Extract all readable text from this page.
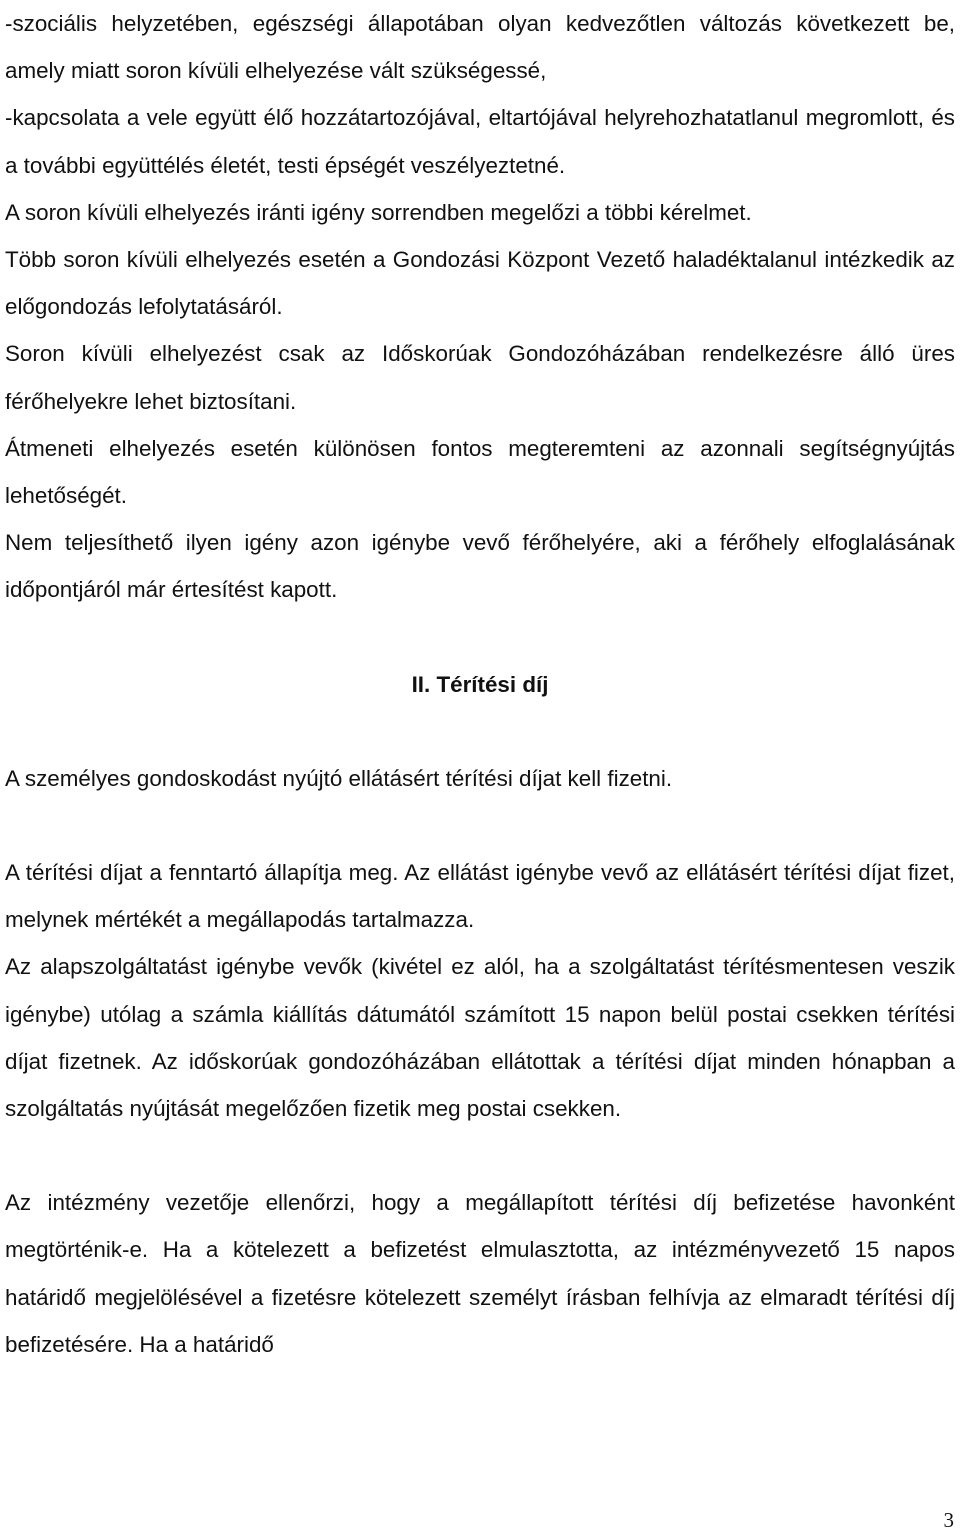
-szociális helyzetében, egészségi állapotában olyan kedvezőtlen változás következett be, amely miatt soron kívüli elhelyezése vált szükségessé,

-kapcsolata a vele együtt élő hozzátartozójával, eltartójával helyrehozhatatlanul megromlott, és a további együttélés életét, testi épségét veszélyeztetné.

A soron kívüli elhelyezés iránti igény sorrendben megelőzi a többi kérelmet.

Több soron kívüli elhelyezés esetén a Gondozási Központ Vezető haladéktalanul intézkedik az előgondozás lefolytatásáról.

Soron kívüli elhelyezést csak az Időskorúak Gondozóházában rendelkezésre álló üres férőhelyekre lehet biztosítani.

Átmeneti elhelyezés esetén különösen fontos megteremteni az azonnali segítségnyújtás lehetőségét.

Nem teljesíthető ilyen igény azon igénybe vevő férőhelyére, aki a férőhely elfoglalásának időpontjáról már értesítést kapott.

II. Térítési díj

A személyes gondoskodást nyújtó ellátásért térítési díjat kell fizetni.

A térítési díjat a fenntartó állapítja meg. Az ellátást igénybe vevő az ellátásért térítési díjat fizet, melynek mértékét a megállapodás tartalmazza.

Az alapszolgáltatást igénybe vevők (kivétel ez alól, ha a szolgáltatást térítésmentesen veszik igénybe) utólag a számla kiállítás dátumától számított 15 napon belül postai csekken térítési díjat fizetnek. Az időskorúak gondozóházában ellátottak a térítési díjat minden hónapban a szolgáltatás nyújtását megelőzően fizetik meg postai csekken.

Az intézmény vezetője ellenőrzi, hogy a megállapított térítési díj befizetése havonként megtörténik-e. Ha a kötelezett a befizetést elmulasztotta, az intézményvezető 15 napos határidő megjelölésével a fizetésre kötelezett személyt írásban felhívja az elmaradt térítési díj befizetésére. Ha a határidő

3
